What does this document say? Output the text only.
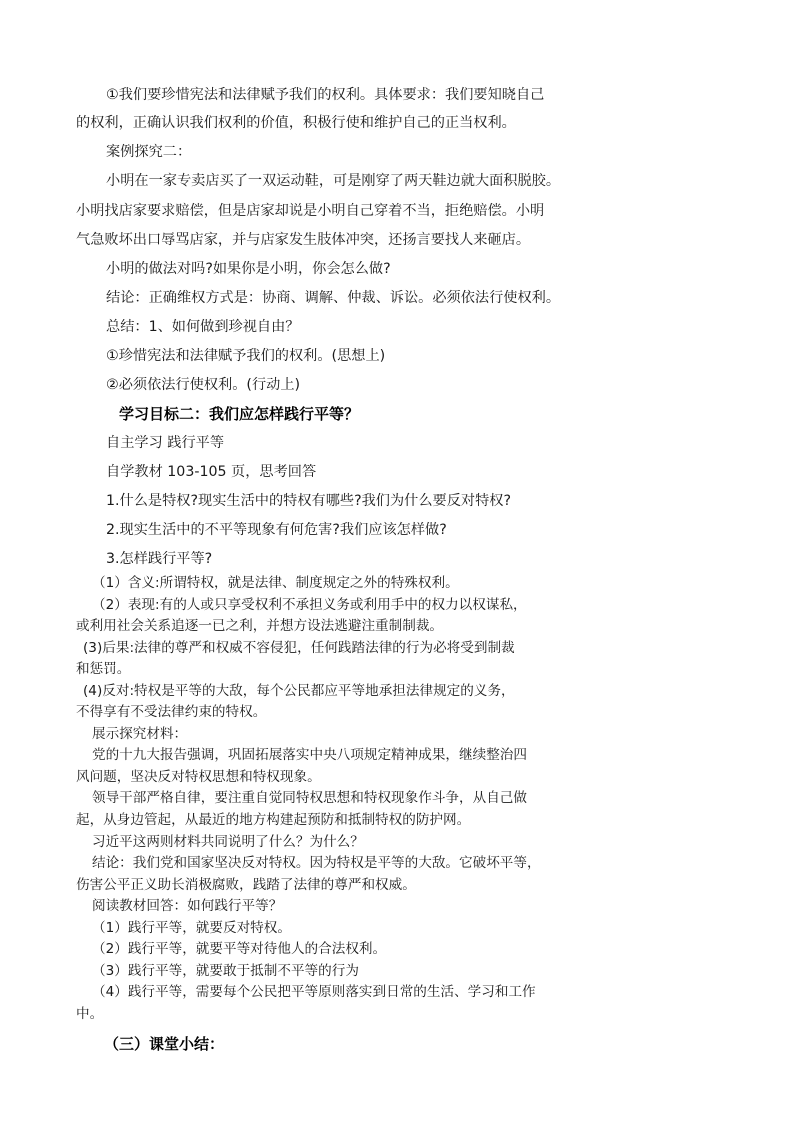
①我们要珍惜宪法和法律赋予我们的权利。具体要求：我们要知晓自己
的权利，正确认识我们权利的价值，积极行使和维护自己的正当权利。
案例探究二：
小明在一家专卖店买了一双运动鞋，可是刚穿了两天鞋边就大面积脱胶。
小明找店家要求赔偿，但是店家却说是小明自己穿着不当，拒绝赔偿。小明
气急败坏出口辱骂店家，并与店家发生肢体冲突，还扬言要找人来砸店。
小明的做法对吗?如果你是小明，你会怎么做?
结论：正确维权方式是：协商、调解、仲裁、诉讼。必须依法行使权利。
总结：1、如何做到珍视自由？
①珍惜宪法和法律赋予我们的权利。(思想上)
②必须依法行使权利。(行动上)
学习目标二：我们应怎样践行平等？
自主学习 践行平等
自学教材 103-105 页，思考回答
1.什么是特权?现实生活中的特权有哪些?我们为什么要反对特权?
2.现实生活中的不平等现象有何危害?我们应该怎样做?
3.怎样践行平等?
（1）含义:所谓特权，就是法律、制度规定之外的特殊权利。
（2）表现:有的人或只享受权利不承担义务或利用手中的权力以权谋私，
或利用社会关系追逐一已之利，并想方设法逃避注重制制裁。
(3)后果:法律的尊严和权威不容侵犯，任何践踏法律的行为必将受到制裁
和惩罚。
(4)反对:特权是平等的大敌，每个公民都应平等地承担法律规定的义务，
不得享有不受法律约束的特权。
展示探究材料：
党的十九大报告强调，巩固拓展落实中央八项规定精神成果，继续整治四
风问题，坚决反对特权思想和特权现象。
领导干部严格自律，要注重自觉同特权思想和特权现象作斗争，从自己做
起，从身边管起，从最近的地方构建起预防和抵制特权的防护网。
习近平这两则材料共同说明了什么？为什么？
结论：我们党和国家坚决反对特权。因为特权是平等的大敌。它破坏平等，
伤害公平正义助长消极腐败，践踏了法律的尊严和权威。
阅读教材回答：如何践行平等？
（1）践行平等，就要反对特权。
（2）践行平等，就要平等对待他人的合法权利。
（3）践行平等，就要敢于抵制不平等的行为
（4）践行平等，需要每个公民把平等原则落实到日常的生活、学习和工作
中。
（三）课堂小结：
